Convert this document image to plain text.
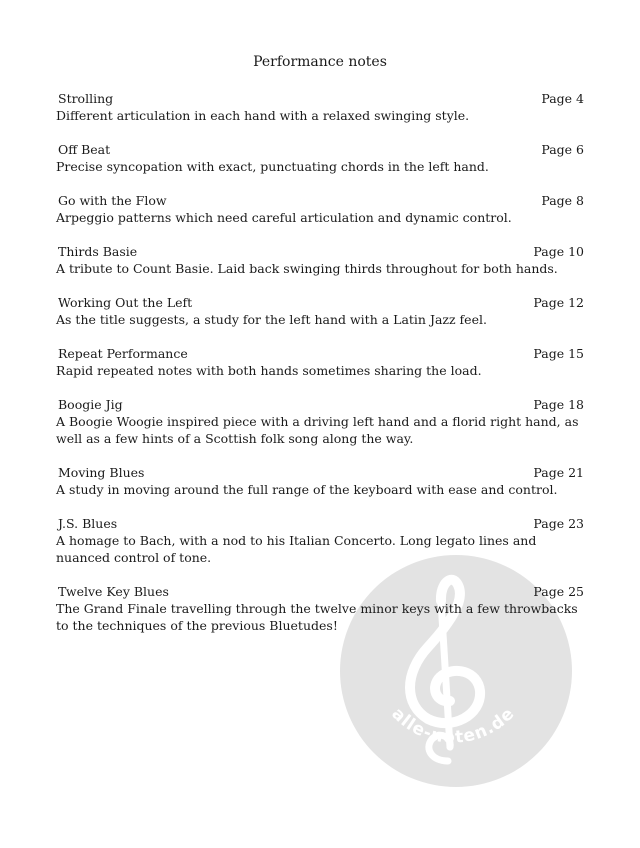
Performance notes
Strolling	Page 4

Different articulation in each hand with a relaxed swinging style.

Off Beat	Page 6

Precise syncopation with exact, punctuating chords in the left hand.

Go with the Flow	Page 8

Arpeggio patterns which need careful articulation and dynamic control.

Thirds Basie	Page 10

A tribute to Count Basie. Laid back swinging thirds throughout for both hands.

Working Out the Left	Page 12

As the title suggests, a study for the left hand with a Latin Jazz feel.

Repeat Performance	Page 15

Rapid repeated notes with both hands sometimes sharing the load.

Boogie Jig	Page 18

A Boogie Woogie inspired piece with a driving left hand and a florid right hand, as well as a few hints of a Scottish folk song along the way.

Moving Blues	Page 21

A study in moving around the full range of the keyboard with ease and control.

J.S. Blues	Page 23

A homage to Bach, with a nod to his Italian Concerto. Long legato lines and nuanced control of tone.

Twelve Key Blues	Page 25

The Grand Finale travelling through the twelve minor keys with a few throwbacks to the techniques of the previous Bluetudes!

alle-noten.de
